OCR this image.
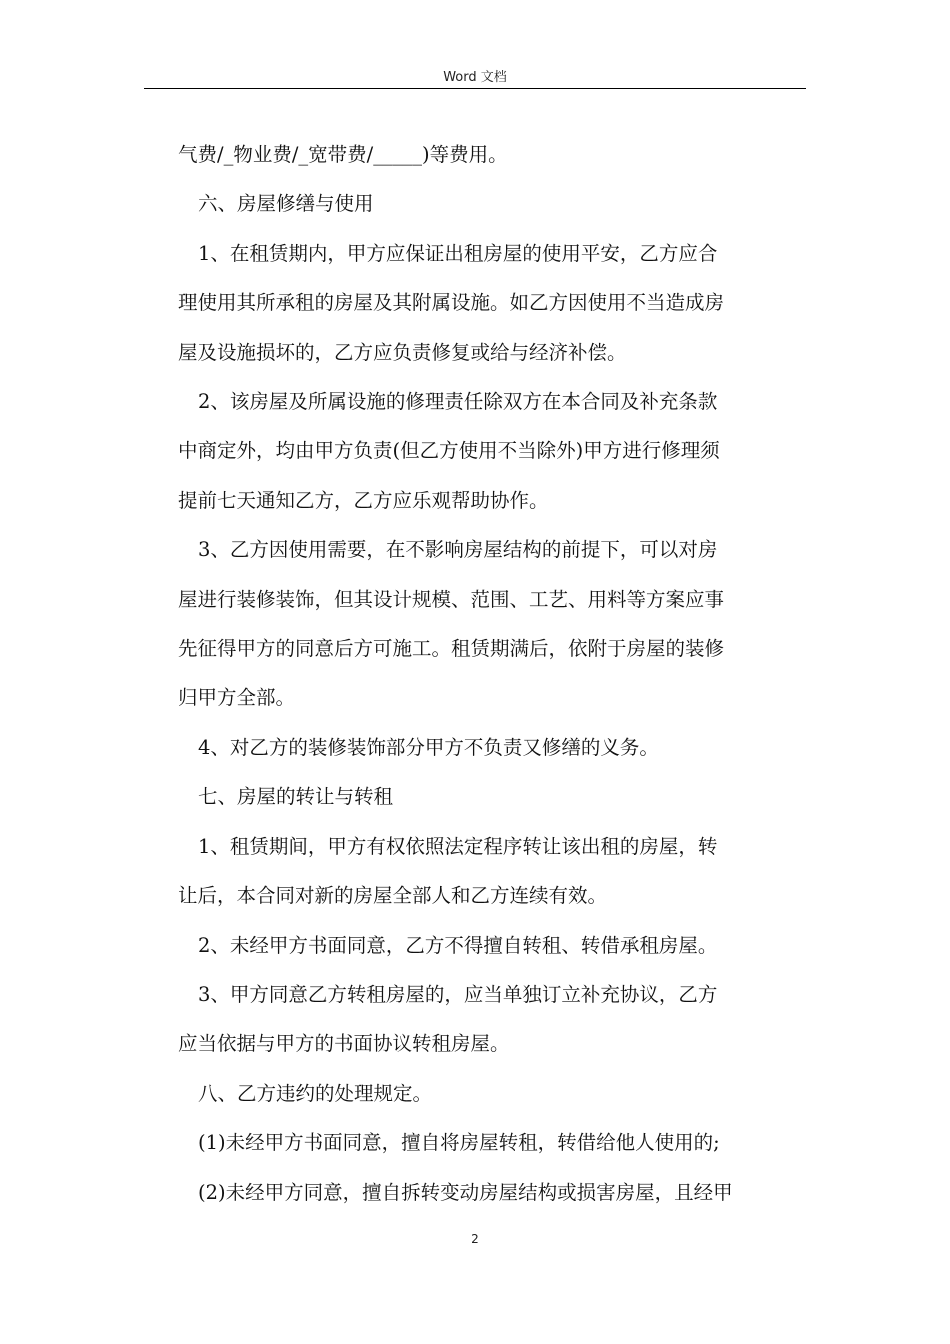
Word 文档

气费/_物业费/_宽带费/_____)等费用。

六、房屋修缮与使用

1、在租赁期内，甲方应保证出租房屋的使用平安，乙方应合
理使用其所承租的房屋及其附属设施。如乙方因使用不当造成房
屋及设施损坏的，乙方应负责修复或给与经济补偿。

2、该房屋及所属设施的修理责任除双方在本合同及补充条款
中商定外，均由甲方负责(但乙方使用不当除外)甲方进行修理须
提前七天通知乙方，乙方应乐观帮助协作。

3、乙方因使用需要，在不影响房屋结构的前提下，可以对房
屋进行装修装饰，但其设计规模、范围、工艺、用料等方案应事
先征得甲方的同意后方可施工。租赁期满后，依附于房屋的装修
归甲方全部。

4、对乙方的装修装饰部分甲方不负责又修缮的义务。

七、房屋的转让与转租

1、租赁期间，甲方有权依照法定程序转让该出租的房屋，转
让后，本合同对新的房屋全部人和乙方连续有效。

2、未经甲方书面同意，乙方不得擅自转租、转借承租房屋。

3、甲方同意乙方转租房屋的，应当单独订立补充协议，乙方
应当依据与甲方的书面协议转租房屋。

八、乙方违约的处理规定。

(1)未经甲方书面同意，擅自将房屋转租，转借给他人使用的;

(2)未经甲方同意，擅自拆转变动房屋结构或损害房屋，且经甲

2
